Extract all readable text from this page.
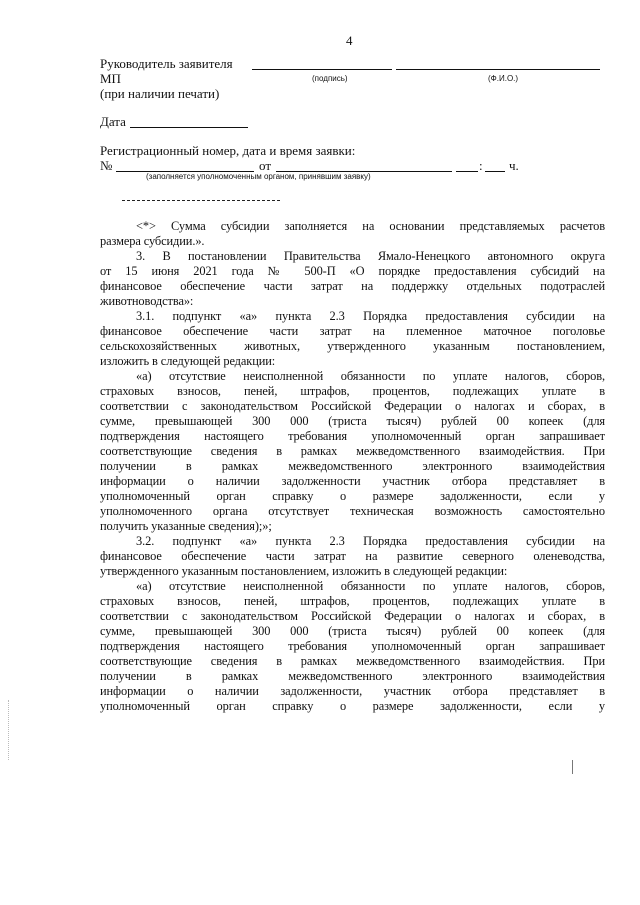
4
Руководитель заявителя
МП	(подпись)	(Ф.И.О.)
(при наличии печати)
Дата
Регистрационный номер, дата и время заявки:
№	от	: ч.
(заполняется уполномоченным органом, принявшим заявку)
<*> Сумма субсидии заполняется на основании представляемых расчетов
размера субсидии.».
3. В постановлении Правительства Ямало-Ненецкого автономного округа
от 15 июня 2021 года № 500-П «О порядке предоставления субсидий на
финансовое обеспечение части затрат на поддержку отдельных подотраслей
животноводства»:
3.1. подпункт «а» пункта 2.3 Порядка предоставления субсидии на
финансовое обеспечение части затрат на племенное маточное поголовье
сельскохозяйственных животных, утвержденного указанным постановлением,
изложить в следующей редакции:
«а) отсутствие неисполненной обязанности по уплате налогов, сборов,
страховых взносов, пеней, штрафов, процентов, подлежащих уплате в
соответствии с законодательством Российской Федерации о налогах и сборах, в
сумме, превышающей 300 000 (триста тысяч) рублей 00 копеек (для
подтверждения настоящего требования уполномоченный орган запрашивает
соответствующие сведения в рамках межведомственного взаимодействия. При
получении в рамках межведомственного электронного взаимодействия
информации о наличии задолженности участник отбора представляет в
уполномоченный орган справку о размере задолженности, если у
уполномоченного органа отсутствует техническая возможность самостоятельно
получить указанные сведения);»;
3.2. подпункт «а» пункта 2.3 Порядка предоставления субсидии на
финансовое обеспечение части затрат на развитие северного оленеводства,
утвержденного указанным постановлением, изложить в следующей редакции:
«а) отсутствие неисполненной обязанности по уплате налогов, сборов,
страховых взносов, пеней, штрафов, процентов, подлежащих уплате в
соответствии с законодательством Российской Федерации о налогах и сборах, в
сумме, превышающей 300 000 (триста тысяч) рублей 00 копеек (для
подтверждения настоящего требования уполномоченный орган запрашивает
соответствующие сведения в рамках межведомственного взаимодействия. При
получении в рамках межведомственного электронного взаимодействия
информации о наличии задолженности, участник отбора представляет в
уполномоченный орган справку о размере задолженности, если у
